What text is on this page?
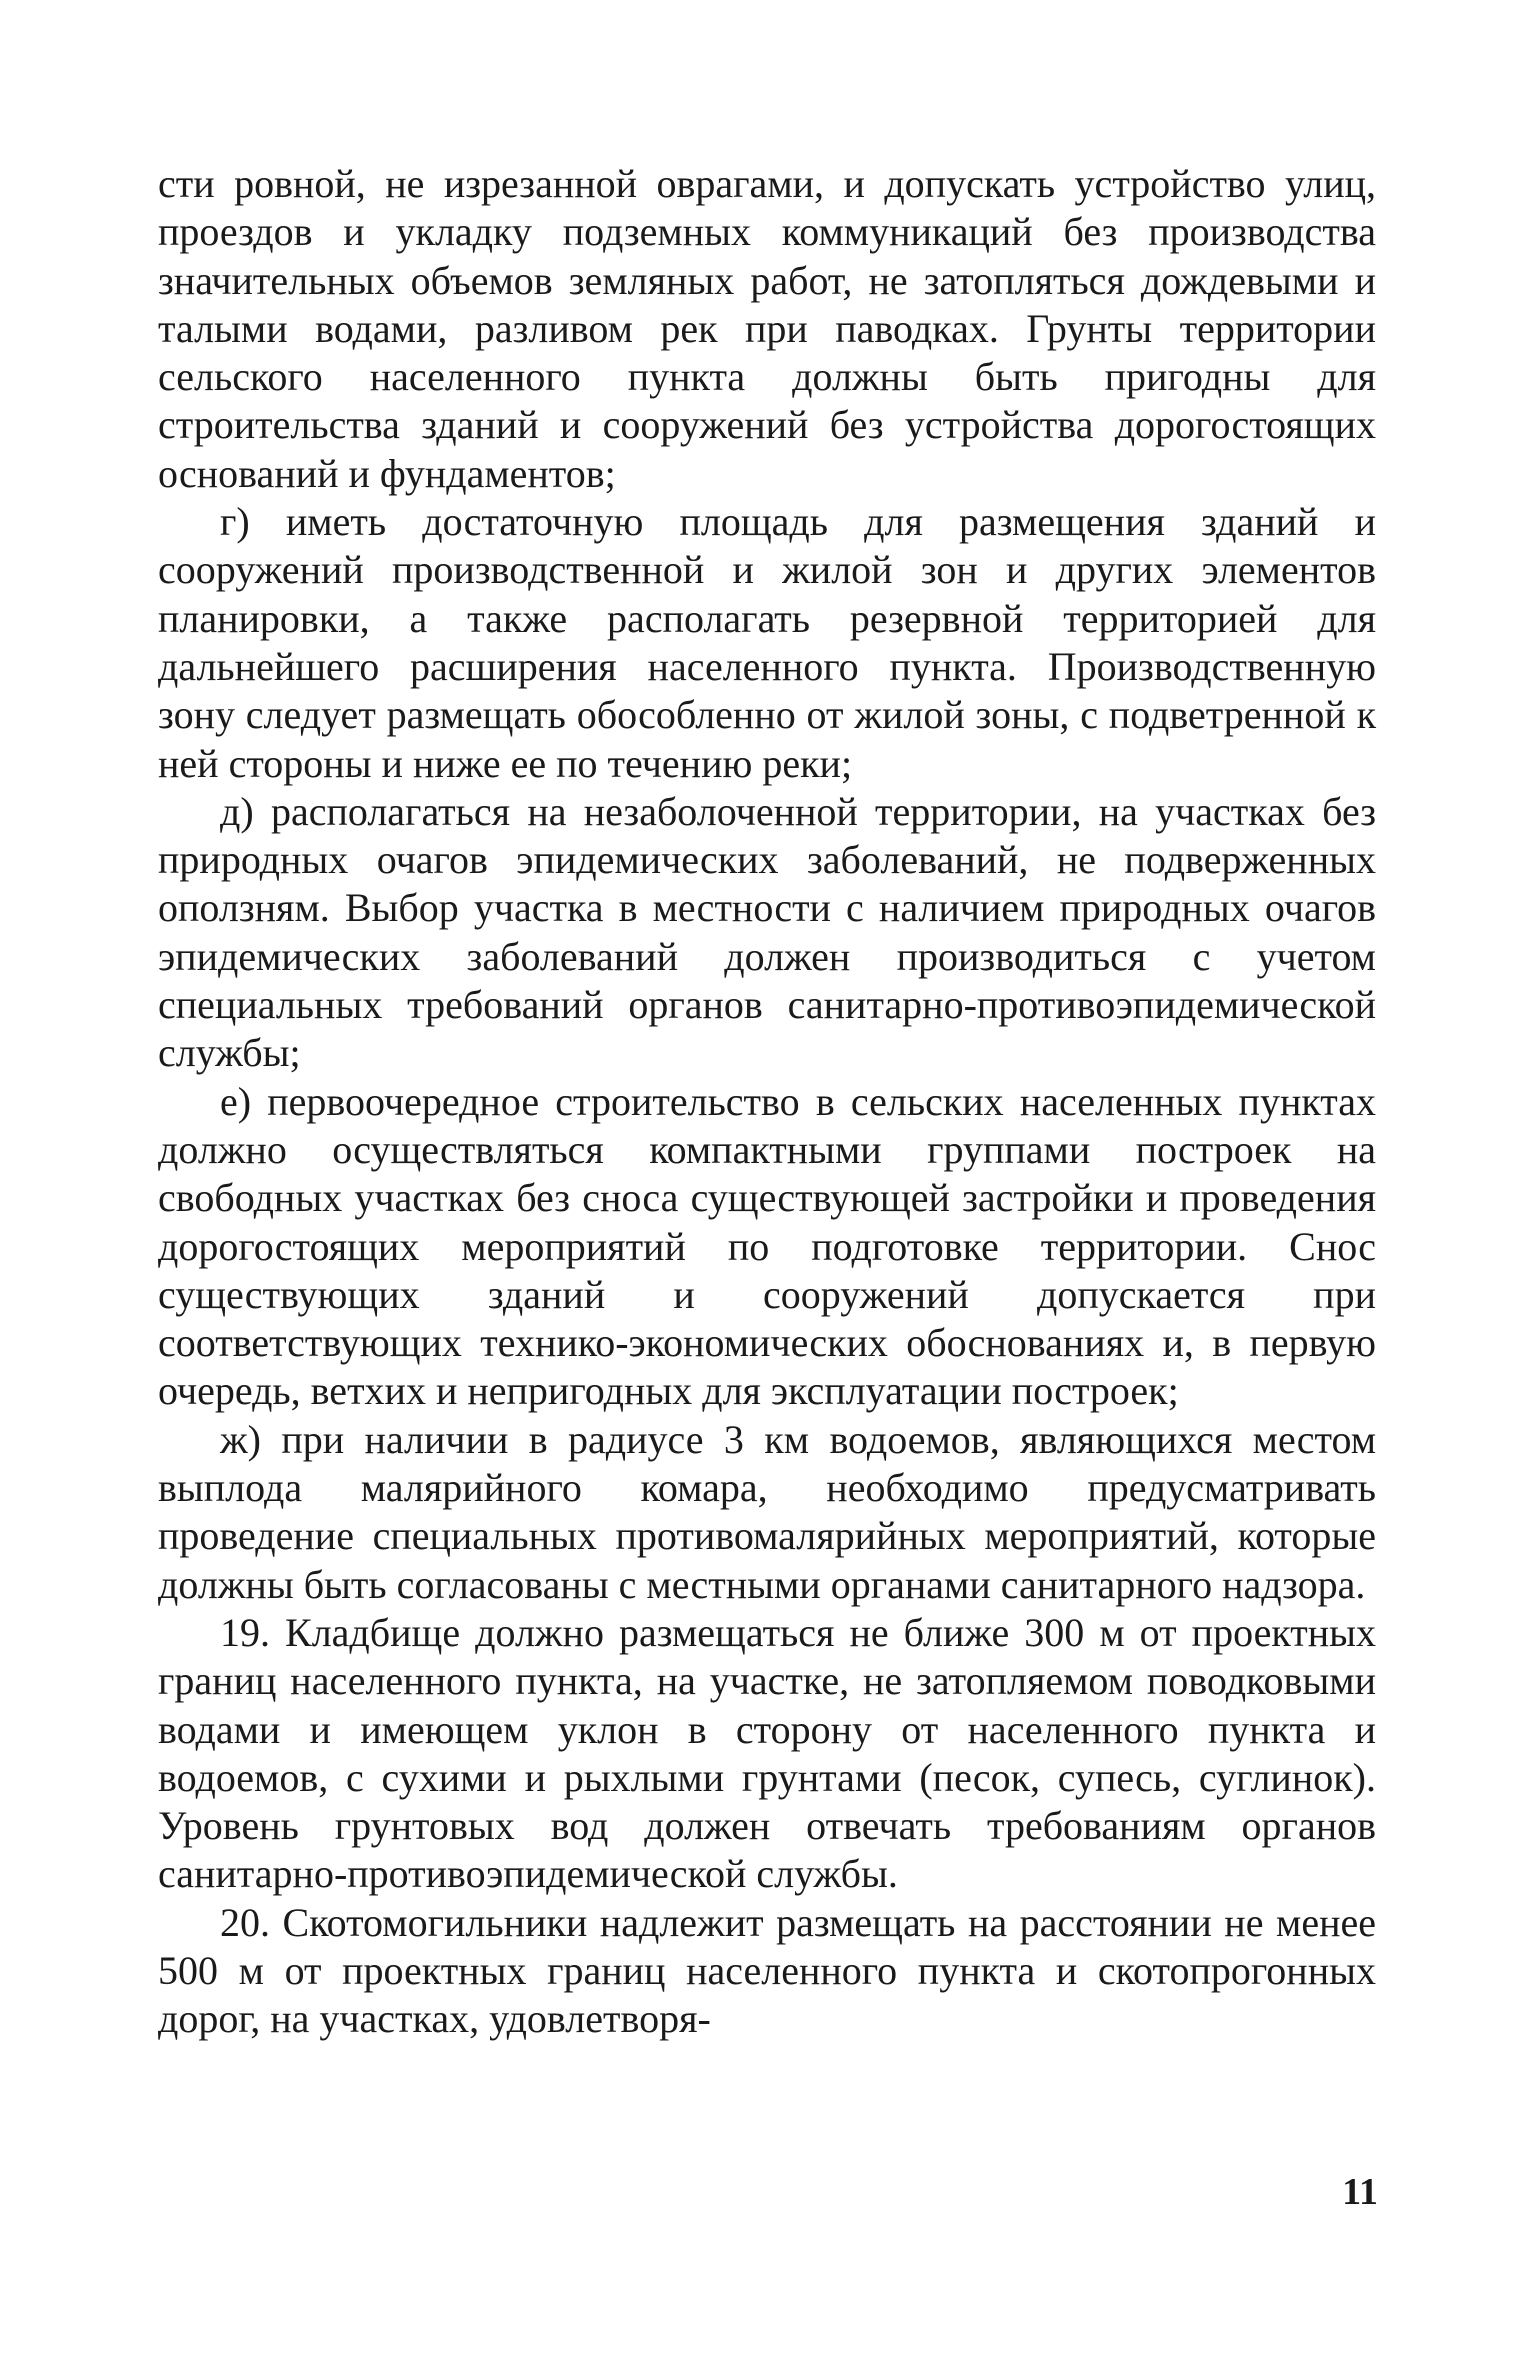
сти ровной, не изрезанной оврагами, и допускать устройство улиц, проездов и укладку подземных коммуникаций без производства значительных объемов земляных работ, не затопляться дождевыми и талыми водами, разливом рек при паводках. Грунты территории сельского населенного пункта должны быть пригодны для строительства зданий и сооружений без устройства дорогостоящих оснований и фундаментов;

г) иметь достаточную площадь для размещения зданий и сооружений производственной и жилой зон и других элементов планировки, а также располагать резервной территорией для дальнейшего расширения населенного пункта. Производственную зону следует размещать обособленно от жилой зоны, с подветренной к ней стороны и ниже ее по течению реки;

д) располагаться на незаболоченной территории, на участках без природных очагов эпидемических заболеваний, не подверженных оползням. Выбор участка в местности с наличием природных очагов эпидемических заболеваний должен производиться с учетом специальных требований органов санитарно-противоэпидемической службы;

е) первоочередное строительство в сельских населенных пунктах должно осуществляться компактными группами построек на свободных участках без сноса существующей застройки и проведения дорогостоящих мероприятий по подготовке территории. Снос существующих зданий и сооружений допускается при соответствующих технико-экономических обоснованиях и, в первую очередь, ветхих и непригодных для эксплуатации построек;

ж) при наличии в радиусе 3 км водоемов, являющихся местом выплода малярийного комара, необходимо предусматривать проведение специальных противомалярийных мероприятий, которые должны быть согласованы с местными органами санитарного надзора.

19. Кладбище должно размещаться не ближе 300 м от проектных границ населенного пункта, на участке, не затопляемом поводковыми водами и имеющем уклон в сторону от населенного пункта и водоемов, с сухими и рыхлыми грунтами (песок, супесь, суглинок). Уровень грунтовых вод должен отвечать требованиям органов санитарно-противоэпидемической службы.

20. Скотомогильники надлежит размещать на расстоянии не менее 500 м от проектных границ населенного пункта и скотопрогонных дорог, на участках, удовлетворя-

11
